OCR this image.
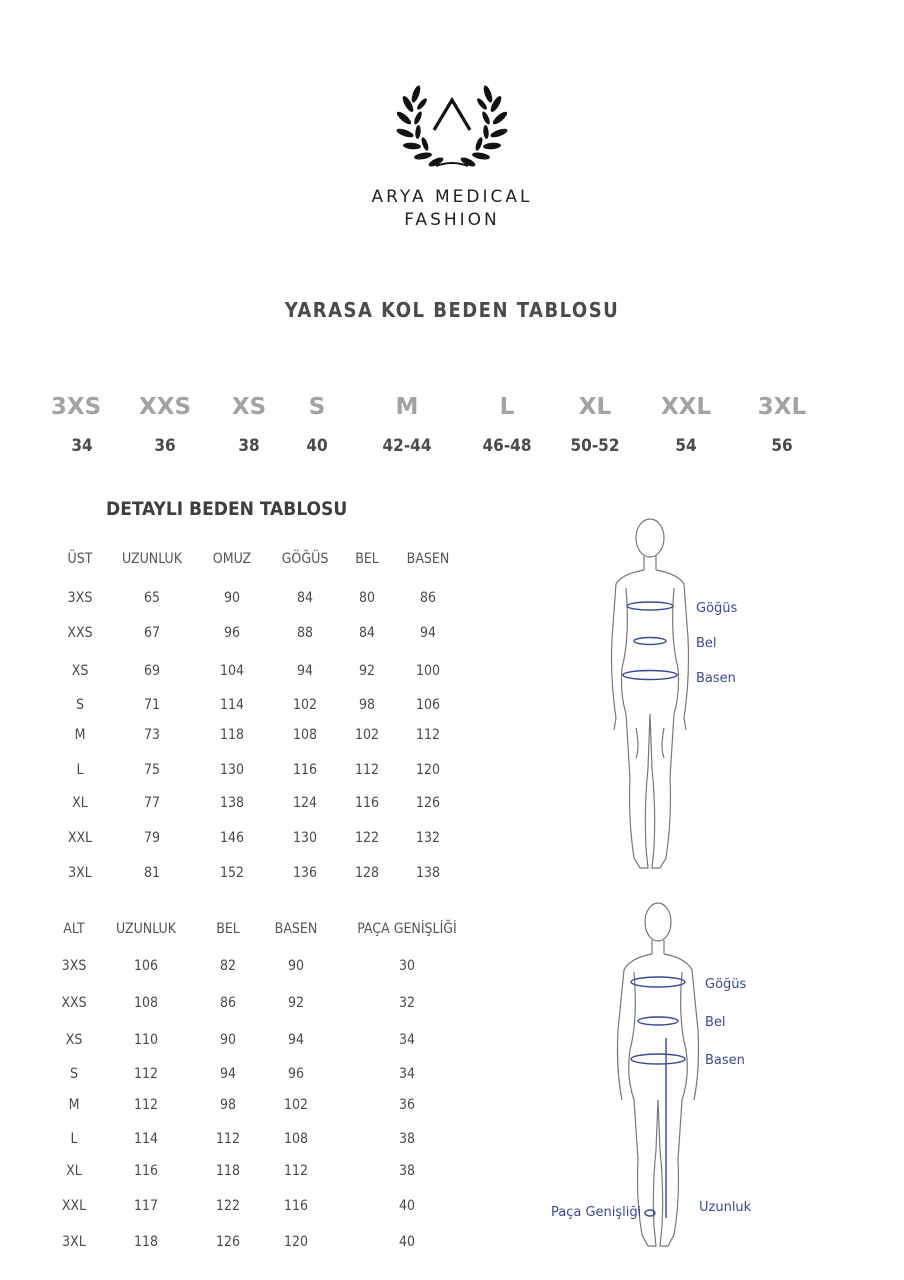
ARYA MEDICAL
FASHION
YARASA KOL BEDEN TABLOSU
3XS XXS XS S	M	L	XL XXL 3XL
34	36	38	40	42-44	46-48 50-52	54	56
DETAYLI BEDEN TABLOSU
ÜST UZUNLUK OMUZ GÖĞÜS BEL BASEN
3XS	65	90	84	80	86
XXS	67	96	88	84	94
XS	69	104	94	92	100
S	71	114	102	98	106
M	73	118	108	102	112
L	75	130	116	112	120
XL	77	138	124	116	126
XXL	79	146	130	122	132
3XL	81	152	136	128	138
ALT UZUNLUK	BEL BASEN	PAÇA GENİŞLİĞİ
3XS	106	82	90	30
XXS	108	86	92	32
XS	110	90	94	34
S	112	94	96	34
M	112	98	102	36
L	114	112	108	38
XL	116	118	112	38
XXL	117	122	116	40
3XL	118	126	120	40
Göğüs
Bel
Basen
Göğüs
Bel
Basen
Paça Genişliği	Uzunluk
